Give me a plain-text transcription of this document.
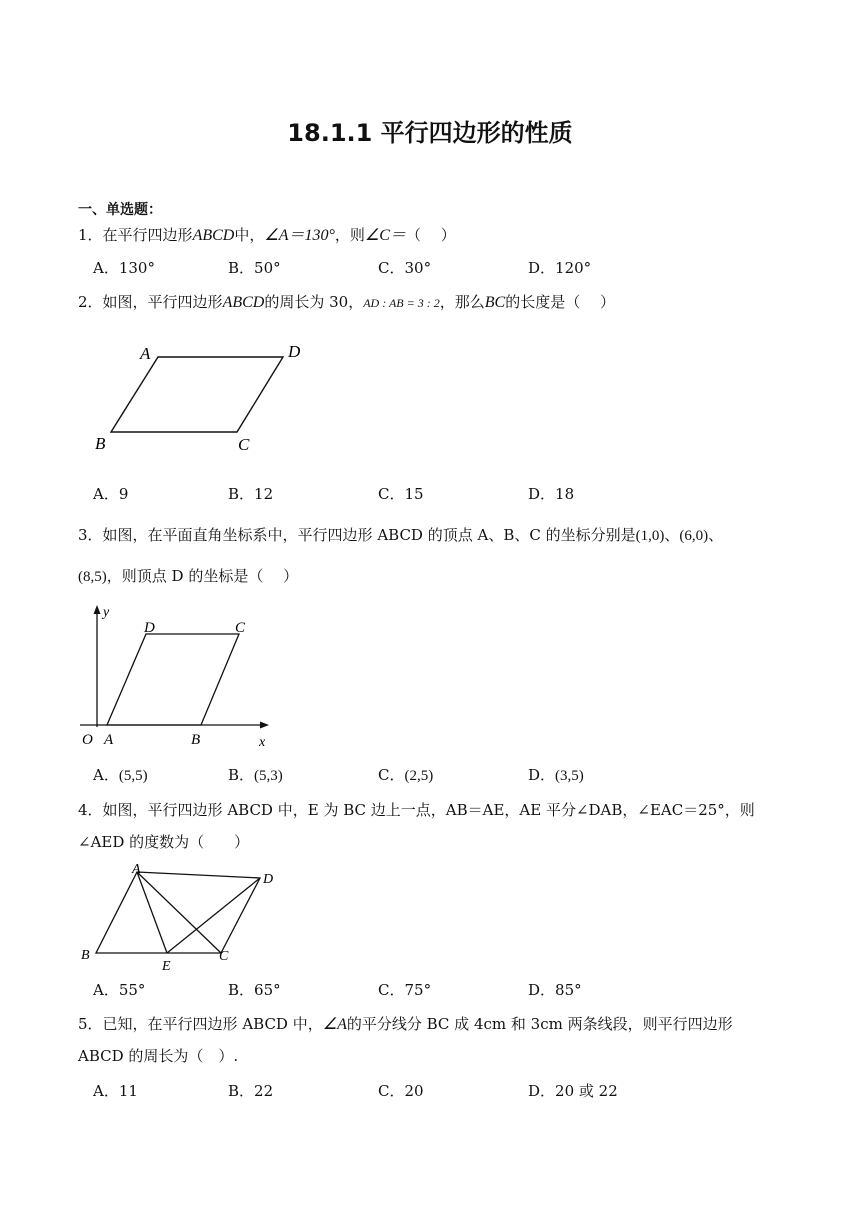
18.1.1 平行四边形的性质
一、单选题：
1．在平行四边形ABCD中，∠A＝130°，则∠C＝（　 ）
A．130°	B．50°	C．30°	D．120°
2．如图，平行四边形ABCD的周长为 30，AD : AB = 3 : 2，那么BC的长度是（　 ）
A	D
B	C
A．9	B．12	C．15	D．18
3．如图，在平面直角坐标系中，平行四边形 ABCD 的顶点 A、B、C 的坐标分别是(1,0)、(6,0)、
(8,5)，则顶点 D 的坐标是（　 ）
y
D	C
O A	B	x
A．(5,5)	B．(5,3)	C．(2,5)	D．(3,5)
4．如图，平行四边形 ABCD 中，E 为 BC 边上一点，AB＝AE，AE 平分∠DAB，∠EAC＝25°，则
∠AED 的度数为（　　）
A
D
B
E
C
A．55°	B．65°	C．75°	D．85°
5．已知，在平行四边形 ABCD 中，∠A的平分线分 BC 成 4cm 和 3cm 两条线段，则平行四边形
ABCD 的周长为（　）.
A．11	B．22	C．20	D．20 或 22
